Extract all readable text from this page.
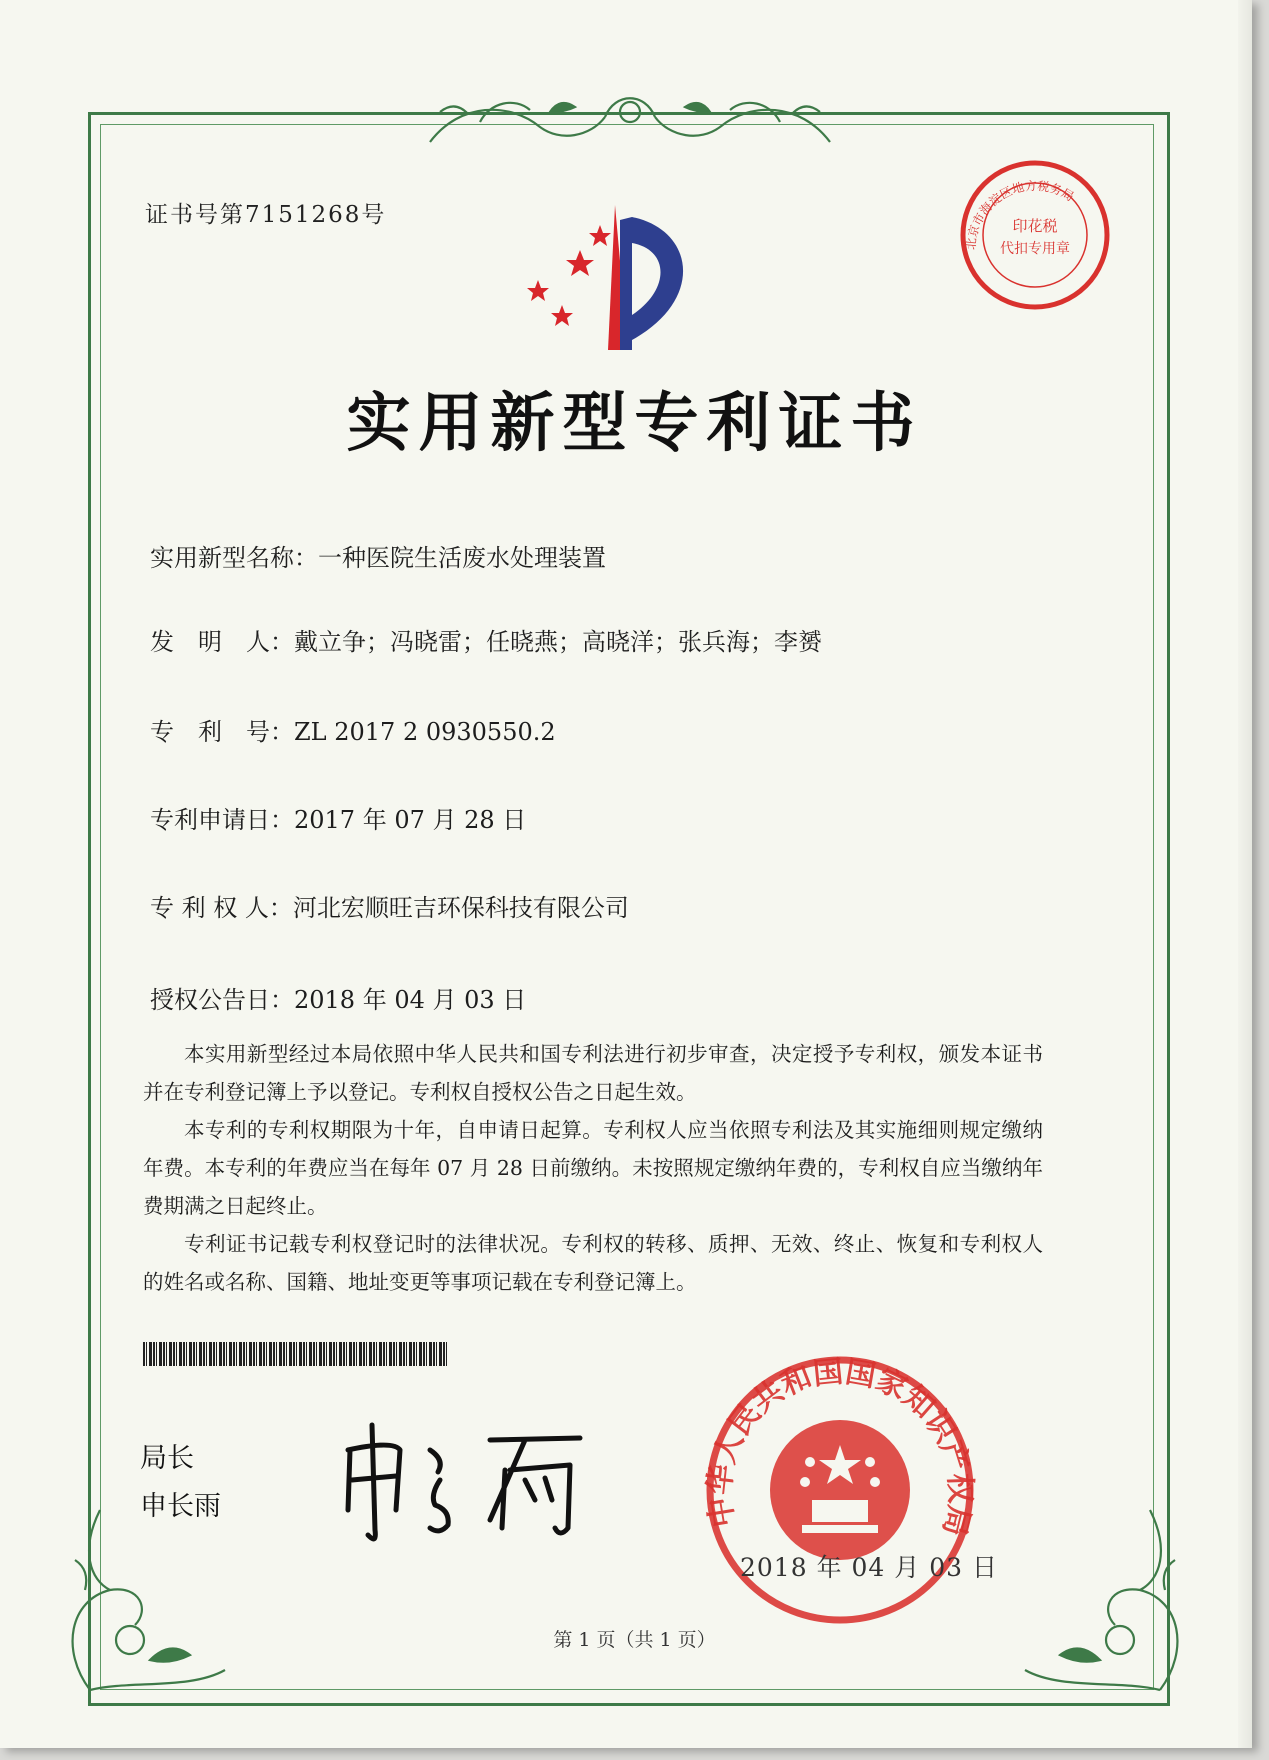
证书号第7151268号
实用新型专利证书
实用新型名称：一种医院生活废水处理装置
发　明　人：戴立争；冯晓雷；任晓燕；高晓洋；张兵海；李赟
专　利　号：ZL 2017 2 0930550.2
专利申请日：2017 年 07 月 28 日
专 利 权 人：河北宏顺旺吉环保科技有限公司
授权公告日：2018 年 04 月 03 日

本实用新型经过本局依照中华人民共和国专利法进行初步审查，决定授予专利权，颁发本证书并在专利登记簿上予以登记。专利权自授权公告之日起生效。

本专利的专利权期限为十年，自申请日起算。专利权人应当依照专利法及其实施细则规定缴纳年费。本专利的年费应当在每年 07 月 28 日前缴纳。未按照规定缴纳年费的，专利权自应当缴纳年费期满之日起终止。

专利证书记载专利权登记时的法律状况。专利权的转移、质押、无效、终止、恢复和专利权人的姓名或名称、国籍、地址变更等事项记载在专利登记簿上。

局长
申长雨
印花税
代扣专用章
北京市海淀区地方税务局
中华人民共和国国家知识产权局
2018 年 04 月 03 日
第 1 页（共 1 页）
